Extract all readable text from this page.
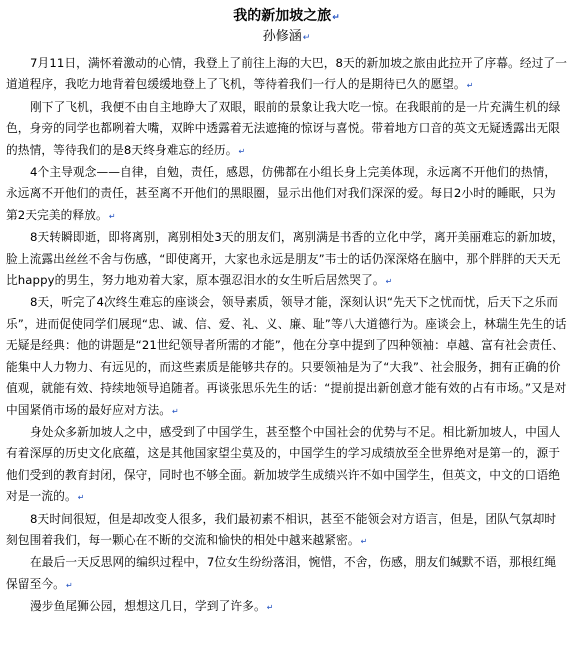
我的新加坡之旅↵

孙修涵↵

7月11日，满怀着激动的心情，我登上了前往上海的大巴，8天的新加坡之旅由此拉开了序幕。经过了一道道程序，我吃力地背着包缓缓地登上了飞机，等待着我们一行人的是期待已久的愿望。↵

刚下了飞机，我便不由自主地睁大了双眼，眼前的景象让我大吃一惊。在我眼前的是一片充满生机的绿色，身旁的同学也都咧着大嘴，双眸中透露着无法遮掩的惊讶与喜悦。带着地方口音的英文无疑透露出无限的热情，等待我们的是8天终身难忘的经历。↵

4个主导观念——自律，自勉，责任，感恩，仿佛都在小组长身上完美体现，永远离不开他们的热情，永远离不开他们的责任，甚至离不开他们的黑眼圈，显示出他们对我们深深的爱。每日2小时的睡眠，只为第2天完美的释放。↵

8天转瞬即逝，即将离别，离别相处3天的朋友们，离别满是书香的立化中学，离开美丽难忘的新加坡，脸上流露出丝丝不舍与伤感，“即使离开，大家也永远是朋友”韦士的话仍深深烙在脑中，那个胖胖的天天无比happy的男生，努力地劝着大家，原本强忍泪水的女生听后居然哭了。↵

8天，听完了4次终生难忘的座谈会，领导素质，领导才能，深刻认识“先天下之忧而忧，后天下之乐而乐”，进而促使同学们展现“忠、诚、信、爱、礼、义、廉、耻”等八大道德行为。座谈会上，林瑞生先生的话无疑是经典：他的讲题是“21世纪领导者所需的才能”，他在分享中提到了四种领袖：卓越、富有社会责任、能集中人力物力、有远见的，而这些素质是能够共存的。只要领袖是为了“大我”、社会服务，拥有正确的价值观，就能有效、持续地领导追随者。再谈张思乐先生的话：“提前提出新创意才能有效的占有市场。”又是对中国紧俏市场的最好应对方法。↵

身处众多新加坡人之中，感受到了中国学生，甚至整个中国社会的优势与不足。相比新加坡人，中国人有着深厚的历史文化底蕴，这是其他国家望尘莫及的，中国学生的学习成绩放至全世界绝对是第一的，源于他们受到的教育封闭，保守，同时也不够全面。新加坡学生成绩兴许不如中国学生，但英文，中文的口语绝对是一流的。↵

8天时间很短，但是却改变人很多，我们最初素不相识，甚至不能领会对方语言，但是，团队气氛却时刻包围着我们，每一颗心在不断的交流和愉快的相处中越来越紧密。↵

在最后一天反思网的编织过程中，7位女生纷纷落泪，惋惜，不舍，伤感，朋友们缄默不语，那根红绳保留至今。↵

漫步鱼尾狮公园，想想这几日，学到了许多。↵
